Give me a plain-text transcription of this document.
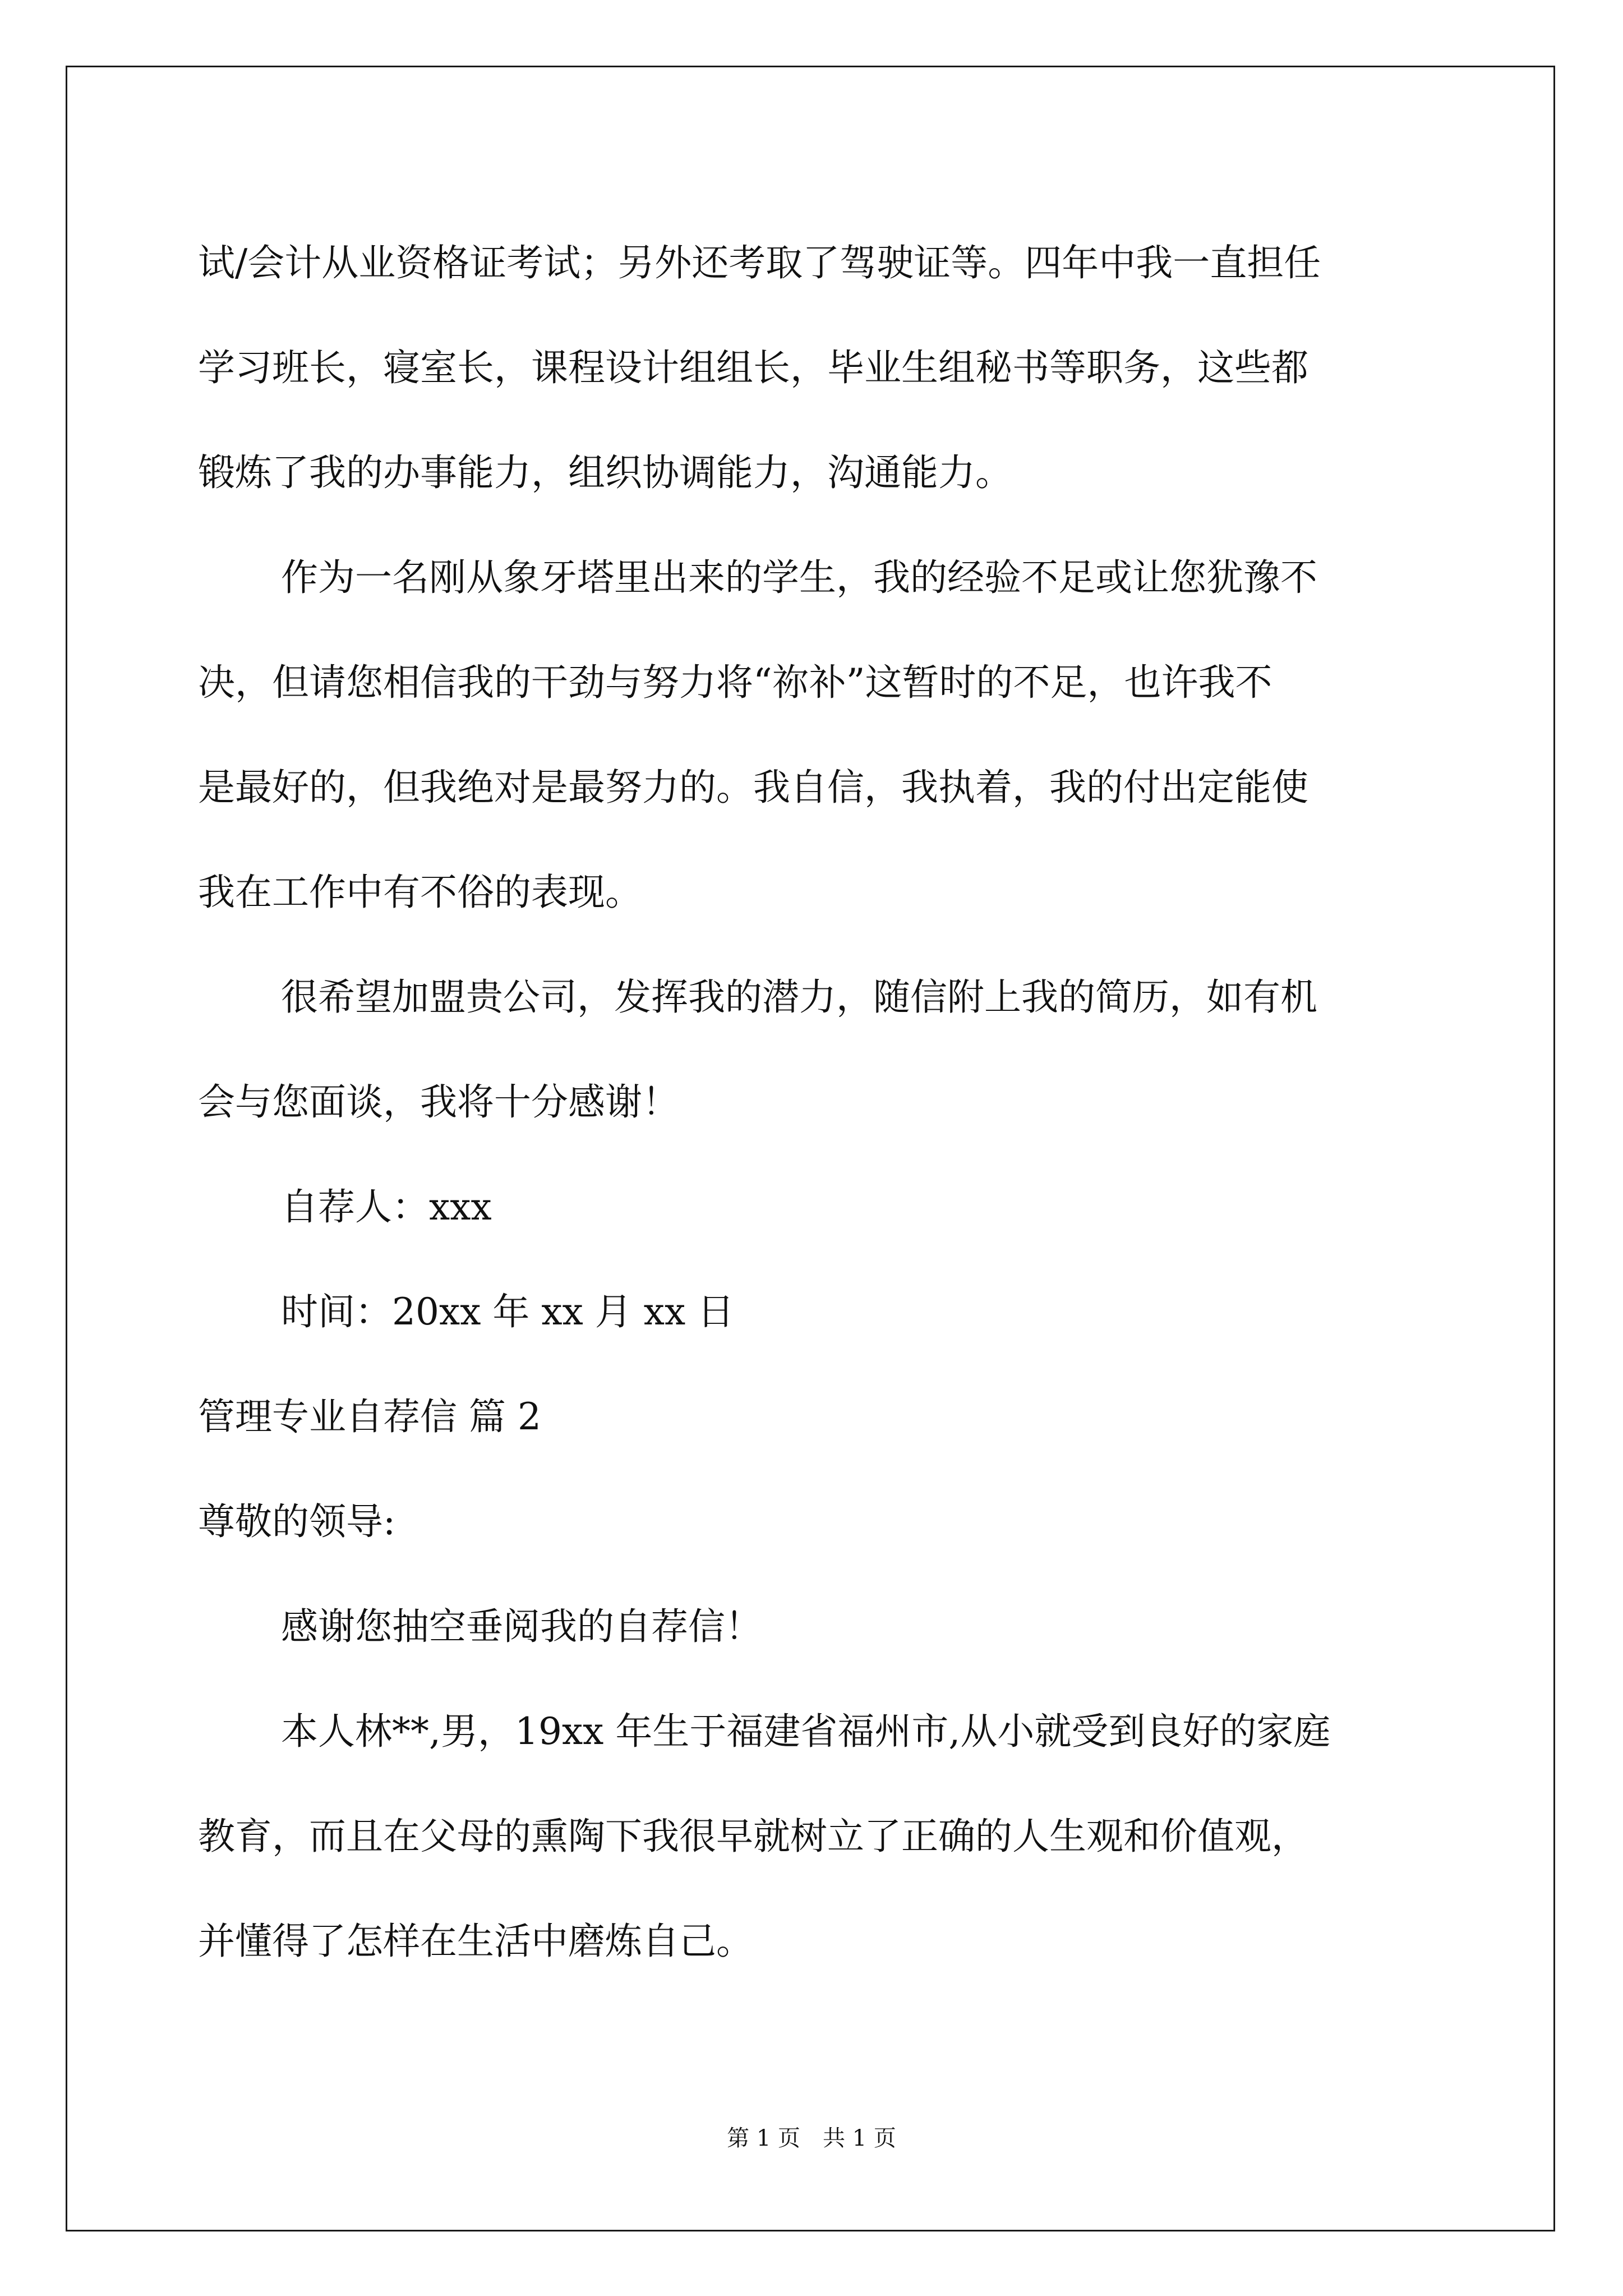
试/会计从业资格证考试；另外还考取了驾驶证等。四年中我一直担任
学习班长，寝室长，课程设计组组长，毕业生组秘书等职务，这些都
锻炼了我的办事能力，组织协调能力，沟通能力。
作为一名刚从象牙塔里出来的学生，我的经验不足或让您犹豫不
决，但请您相信我的干劲与努力将“祢补”这暂时的不足，也许我不
是最好的，但我绝对是最努力的。我自信，我执着，我的付出定能使
我在工作中有不俗的表现。
很希望加盟贵公司，发挥我的潜力，随信附上我的简历，如有机
会与您面谈，我将十分感谢！
自荐人：xxx
时间：20xx 年 xx 月 xx 日
管理专业自荐信 篇 2
尊敬的领导:
感谢您抽空垂阅我的自荐信！
本人林**,男，19xx 年生于福建省福州市,从小就受到良好的家庭
教育，而且在父母的熏陶下我很早就树立了正确的人生观和价值观，
并懂得了怎样在生活中磨炼自己。
第 1 页　共 1 页
